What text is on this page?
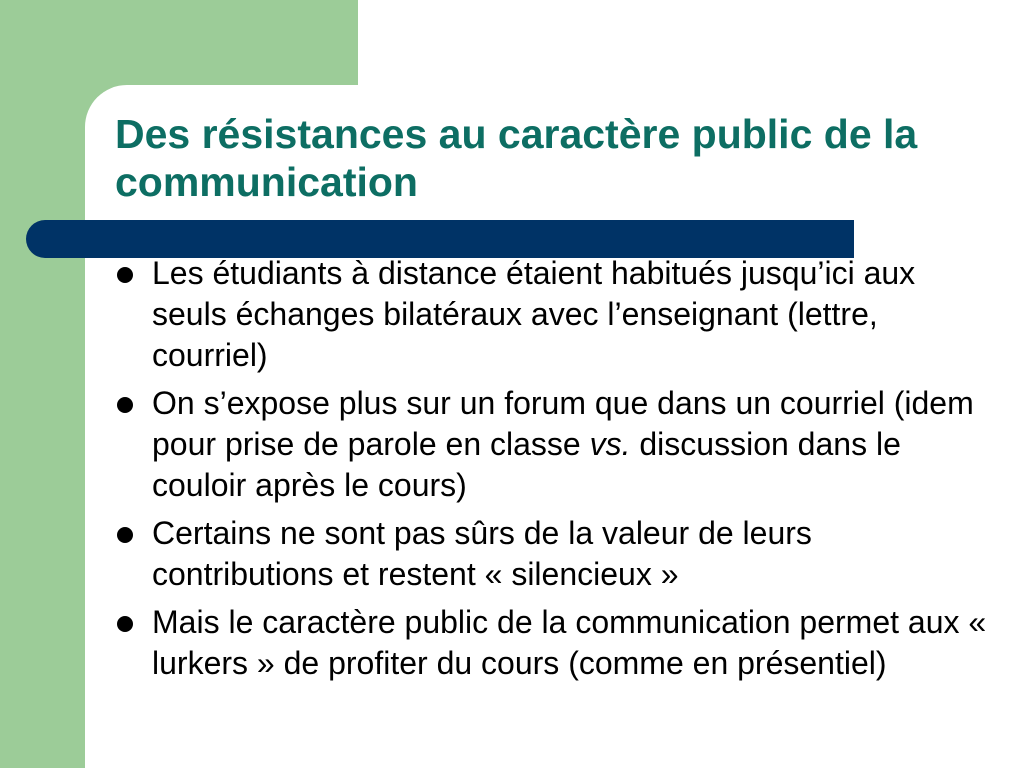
Des résistances au caractère public de la communication
Les étudiants à distance étaient habitués jusqu’ici aux seuls échanges bilatéraux avec l’enseignant (lettre, courriel)
On s’expose plus sur un forum que dans un courriel (idem pour prise de parole en classe vs. discussion dans le couloir après le cours)
Certains ne sont pas sûrs de la valeur de leurs contributions et restent « silencieux »
Mais le caractère public de la communication permet aux « lurkers » de profiter du cours (comme en présentiel)
